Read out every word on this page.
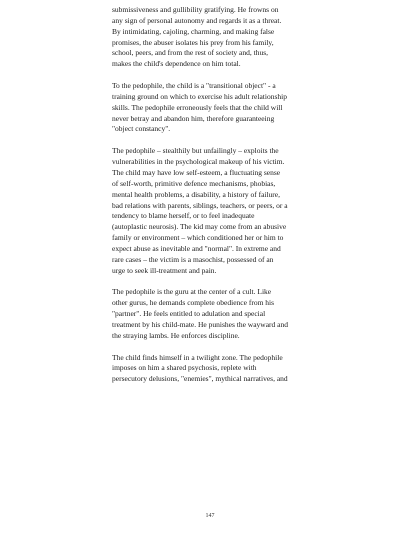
submissiveness and gullibility gratifying. He frowns on
any sign of personal autonomy and regards it as a threat.
By intimidating, cajoling, charming, and making false
promises, the abuser isolates his prey from his family,
school, peers, and from the rest of society and, thus,
makes the child's dependence on him total.

To the pedophile, the child is a "transitional object" - a
training ground on which to exercise his adult relationship
skills. The pedophile erroneously feels that the child will
never betray and abandon him, therefore guaranteeing
"object constancy".

The pedophile – stealthily but unfailingly – exploits the
vulnerabilities in the psychological makeup of his victim.
The child may have low self-esteem, a fluctuating sense
of self-worth, primitive defence mechanisms, phobias,
mental health problems, a disability, a history of failure,
bad relations with parents, siblings, teachers, or peers, or a
tendency to blame herself, or to feel inadequate
(autoplastic neurosis). The kid may come from an abusive
family or environment – which conditioned her or him to
expect abuse as inevitable and "normal". In extreme and
rare cases – the victim is a masochist, possessed of an
urge to seek ill-treatment and pain.

The pedophile is the guru at the center of a cult. Like
other gurus, he demands complete obedience from his
"partner". He feels entitled to adulation and special
treatment by his child-mate. He punishes the wayward and
the straying lambs. He enforces discipline.

The child finds himself in a twilight zone. The pedophile
imposes on him a shared psychosis, replete with
persecutory delusions, "enemies", mythical narratives, and

147
